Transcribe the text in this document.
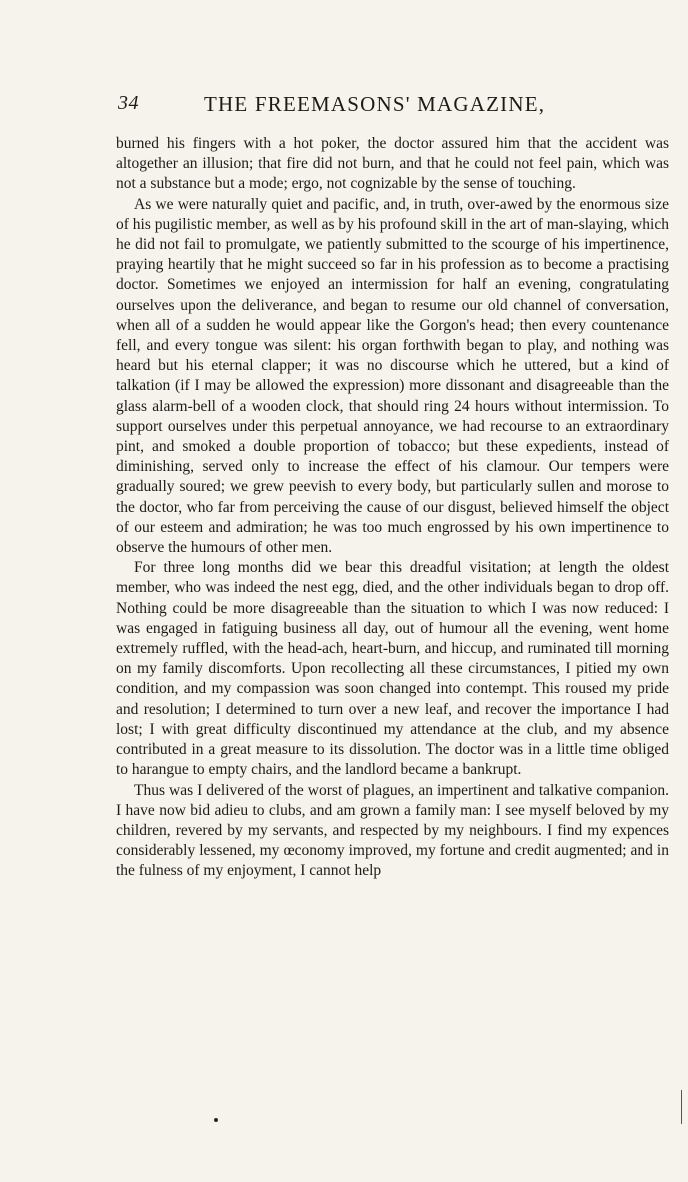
34	THE FREEMASONS' MAGAZINE,

burned his fingers with a hot poker, the doctor assured him that the accident was altogether an illusion; that fire did not burn, and that he could not feel pain, which was not a substance but a mode; ergo, not cognizable by the sense of touching.

As we were naturally quiet and pacific, and, in truth, over-awed by the enormous size of his pugilistic member, as well as by his profound skill in the art of man-slaying, which he did not fail to promulgate, we patiently submitted to the scourge of his impertinence, praying heartily that he might succeed so far in his profession as to become a practising doctor. Sometimes we enjoyed an intermission for half an evening, congratulating ourselves upon the deliverance, and began to resume our old channel of conversation, when all of a sudden he would appear like the Gorgon's head; then every countenance fell, and every tongue was silent: his organ forthwith began to play, and nothing was heard but his eternal clapper; it was no discourse which he uttered, but a kind of talkation (if I may be allowed the expression) more dissonant and disagreeable than the glass alarm-bell of a wooden clock, that should ring 24 hours without intermission. To support ourselves under this perpetual annoyance, we had recourse to an extraordinary pint, and smoked a double proportion of tobacco; but these expedients, instead of diminishing, served only to increase the effect of his clamour. Our tempers were gradually soured; we grew peevish to every body, but particularly sullen and morose to the doctor, who far from perceiving the cause of our disgust, believed himself the object of our esteem and admiration; he was too much engrossed by his own impertinence to observe the humours of other men.

For three long months did we bear this dreadful visitation; at length the oldest member, who was indeed the nest egg, died, and the other individuals began to drop off. Nothing could be more disagreeable than the situation to which I was now reduced: I was engaged in fatiguing business all day, out of humour all the evening, went home extremely ruffled, with the head-ach, heart-burn, and hiccup, and ruminated till morning on my family discomforts. Upon recollecting all these circumstances, I pitied my own condition, and my compassion was soon changed into contempt. This roused my pride and resolution; I determined to turn over a new leaf, and recover the importance I had lost; I with great difficulty discontinued my attendance at the club, and my absence contributed in a great measure to its dissolution. The doctor was in a little time obliged to harangue to empty chairs, and the landlord became a bankrupt.

Thus was I delivered of the worst of plagues, an impertinent and talkative companion. I have now bid adieu to clubs, and am grown a family man: I see myself beloved by my children, revered by my servants, and respected by my neighbours. I find my expences considerably lessened, my œconomy improved, my fortune and credit augmented; and in the fulness of my enjoyment, I cannot help
